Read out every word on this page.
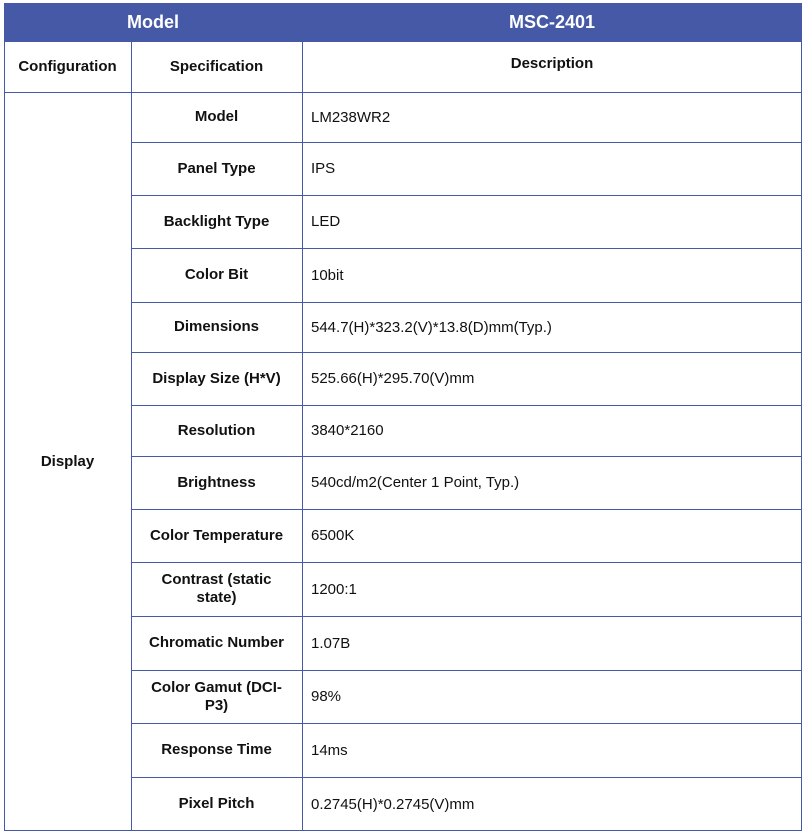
Model	MSC-2401
Configuration	Specification	Description
Display
Model	LM238WR2
Panel Type	IPS
Backlight Type	LED
Color Bit	10bit
Dimensions	544.7(H)*323.2(V)*13.8(D)mm(Typ.)
Display Size (H*V) 525.66(H)*295.70(V)mm
Resolution	3840*2160
Brightness	540cd/m2(Center 1 Point, Typ.)
Color Temperature 6500K
Contrast (static state)	1200:1
Chromatic Number 1.07B
Color Gamut (DCI-P3)	98%
Response Time	14ms
Pixel Pitch	0.2745(H)*0.2745(V)mm
